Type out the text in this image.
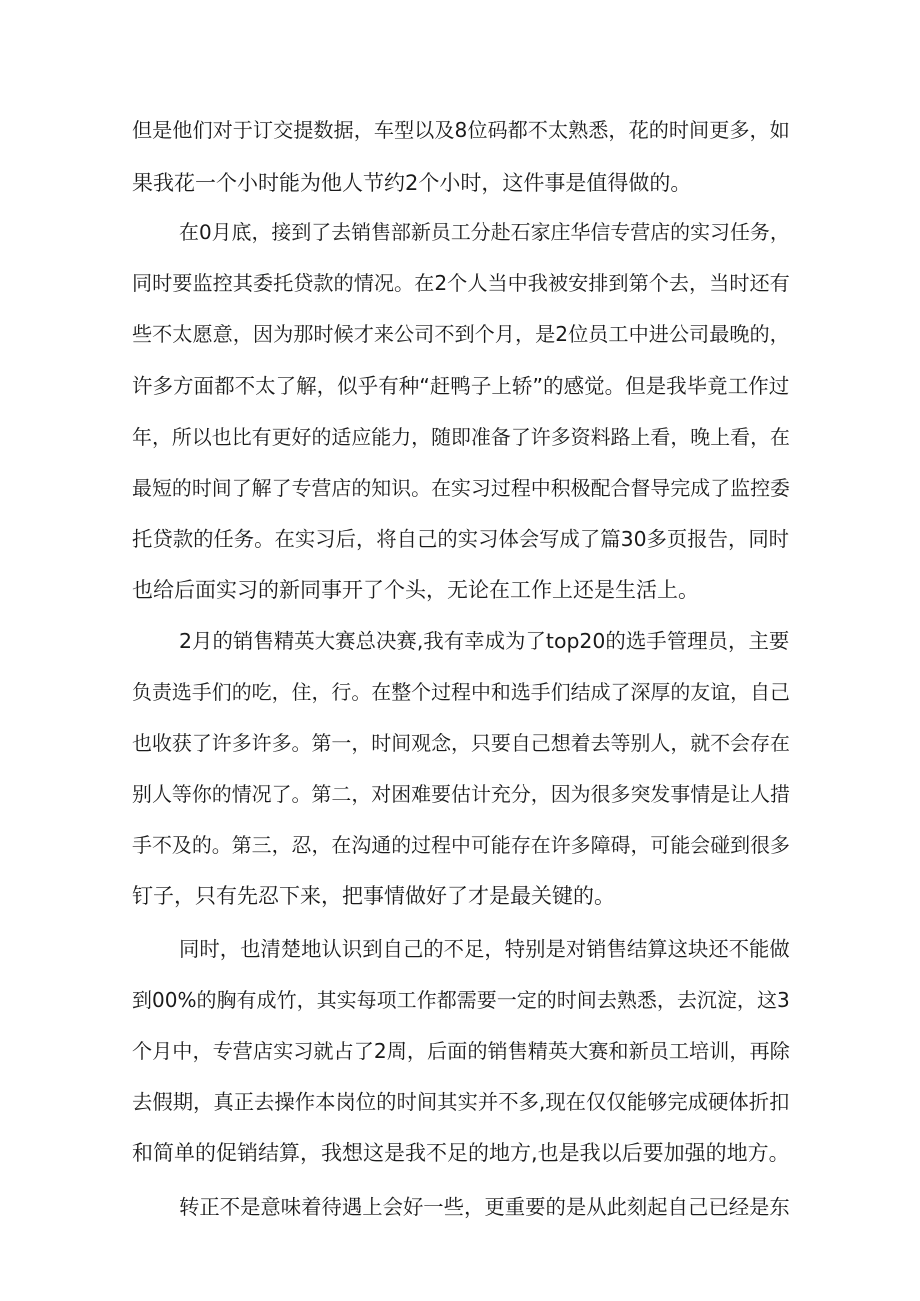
但是他们对于订交提数据，车型以及8位码都不太熟悉，花的时间更多，如

果我花一个小时能为他人节约2个小时，这件事是值得做的。

在0月底，接到了去销售部新员工分赴石家庄华信专营店的实习任务，

同时要监控其委托贷款的情况。在2个人当中我被安排到第个去，当时还有

些不太愿意，因为那时候才来公司不到个月，是2位员工中进公司最晚的，

许多方面都不太了解，似乎有种“赶鸭子上轿”的感觉。但是我毕竟工作过

年，所以也比有更好的适应能力，随即准备了许多资料路上看，晚上看，在

最短的时间了解了专营店的知识。在实习过程中积极配合督导完成了监控委

托贷款的任务。在实习后，将自己的实习体会写成了篇30多页报告，同时

也给后面实习的新同事开了个头，无论在工作上还是生活上。

2月的销售精英大赛总决赛,我有幸成为了top20的选手管理员，主要

负责选手们的吃，住，行。在整个过程中和选手们结成了深厚的友谊，自己

也收获了许多许多。第一，时间观念，只要自己想着去等别人，就不会存在

别人等你的情况了。第二，对困难要估计充分，因为很多突发事情是让人措

手不及的。第三，忍，在沟通的过程中可能存在许多障碍，可能会碰到很多

钉子，只有先忍下来，把事情做好了才是最关键的。

同时，也清楚地认识到自己的不足，特别是对销售结算这块还不能做

到00%的胸有成竹，其实每项工作都需要一定的时间去熟悉，去沉淀，这3

个月中，专营店实习就占了2周，后面的销售精英大赛和新员工培训，再除

去假期，真正去操作本岗位的时间其实并不多,现在仅仅能够完成硬体折扣

和简单的促销结算，我想这是我不足的地方,也是我以后要加强的地方。

转正不是意味着待遇上会好一些，更重要的是从此刻起自己已经是东
